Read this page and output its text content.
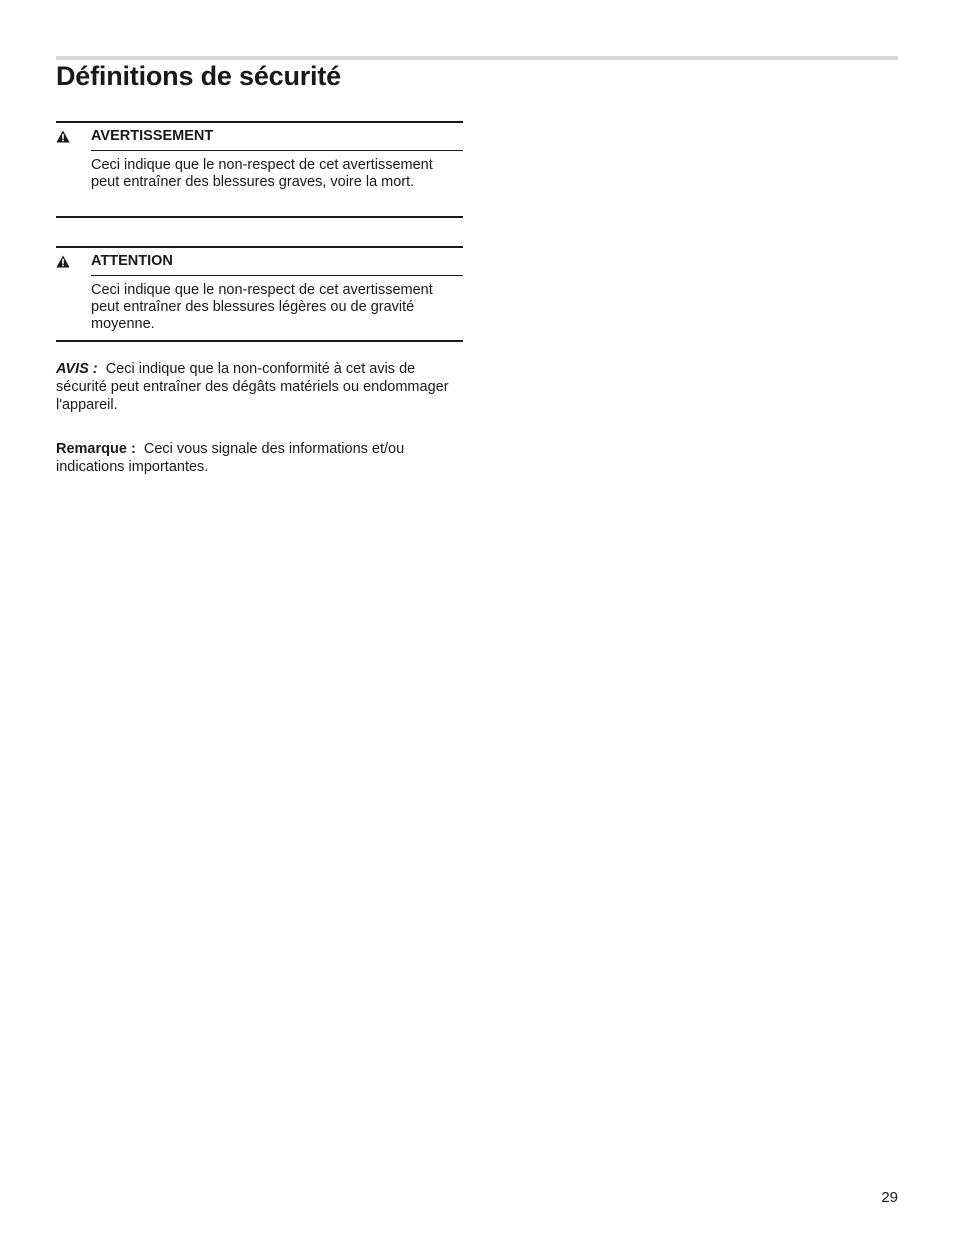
Définitions de sécurité
AVERTISSEMENT

Ceci indique que le non-respect de cet avertissement peut entraîner des blessures graves, voire la mort.

ATTENTION

Ceci indique que le non-respect de cet avertissement peut entraîner des blessures légères ou de gravité moyenne.

AVIS : Ceci indique que la non-conformité à cet avis de sécurité peut entraîner des dégâts matériels ou endommager l'appareil.

Remarque : Ceci vous signale des informations et/ou indications importantes.

29
